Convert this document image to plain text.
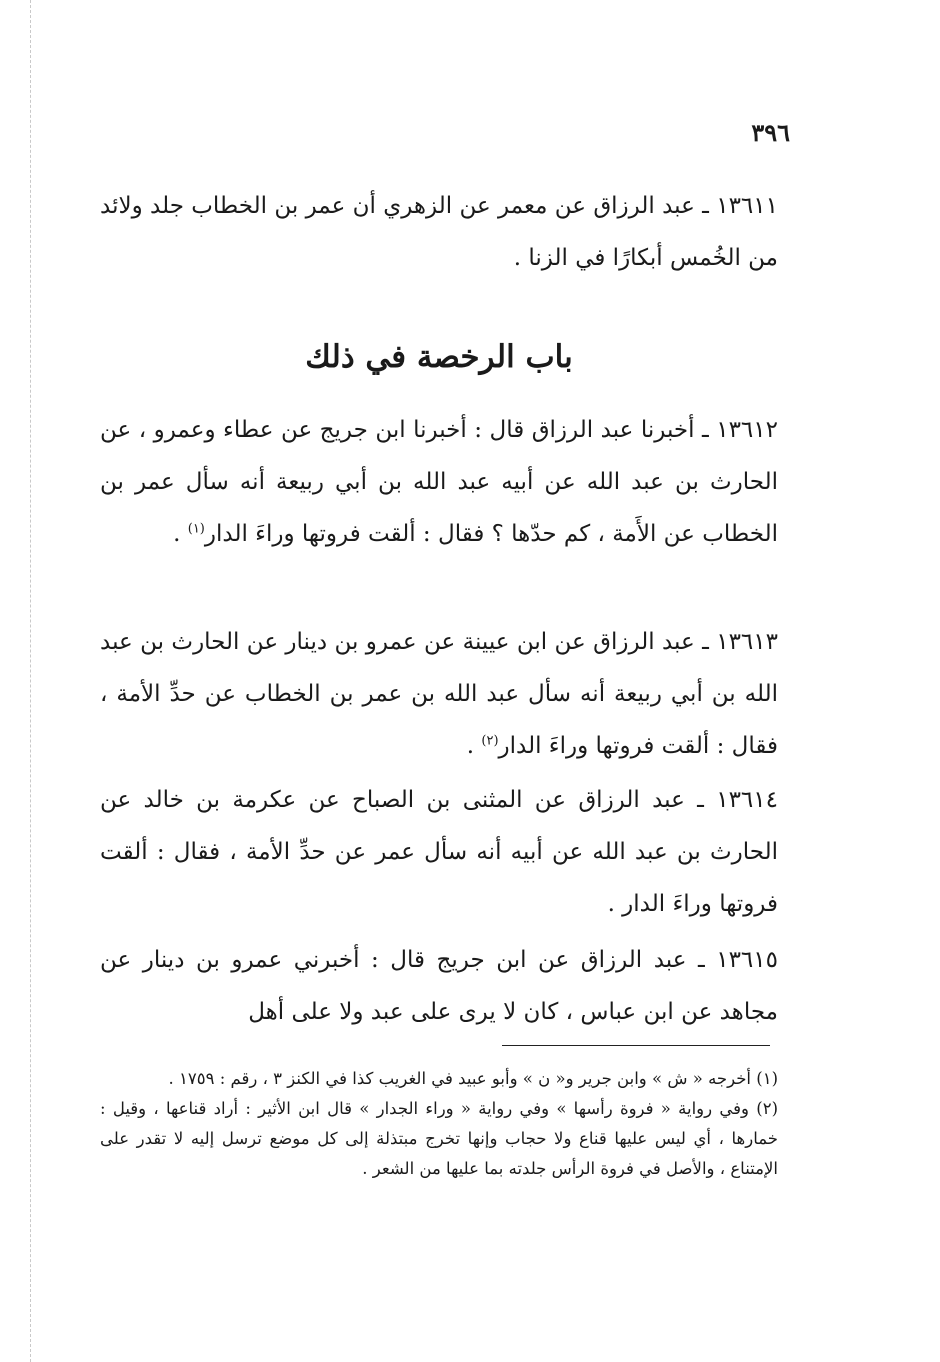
٣٩٦

١٣٦١١ ـ عبد الرزاق عن معمر عن الزهري أن عمر بن الخطاب جلد ولائد من الخُمس أبكارًا في الزنا .

باب الرخصة في ذلك

١٣٦١٢ ـ أخبرنا عبد الرزاق قال : أخبرنا ابن جريج عن عطاء وعمرو ، عن الحارث بن عبد الله عن أبيه عبد الله بن أبي ربيعة أنه سأل عمر بن الخطاب عن الأَمة ، كم حدّها ؟ فقال : ألقت فروتها وراءَ الدار$^{(١)}$ .

١٣٦١٣ ـ عبد الرزاق عن ابن عيينة عن عمرو بن دينار عن الحارث بن عبد الله بن أبي ربيعة أنه سأل عبد الله بن عمر بن الخطاب عن حدِّ الأمة ، فقال : ألقت فروتها وراءَ الدار$^{(٢)}$ .

١٣٦١٤ ـ عبد الرزاق عن المثنى بن الصباح عن عكرمة بن خالد عن الحارث بن عبد الله عن أبيه أنه سأل عمر عن حدِّ الأمة ، فقال : ألقت فروتها وراءَ الدار .

١٣٦١٥ ـ عبد الرزاق عن ابن جريج قال : أخبرني عمرو بن دينار عن مجاهد عن ابن عباس ، كان لا يرى على عبد ولا على أهل

(١) أخرجه « ش » وابن جرير و« ن » وأبو عبيد في الغريب كذا في الكنز ٣ ، رقم : ١٧٥٩ .

(٢) وفي رواية « فروة رأسها » وفي رواية « وراء الجدار » قال ابن الأثير : أراد قناعها ، وقيل : خمارها ، أي ليس عليها قناع ولا حجاب وإنها تخرج مبتذلة إلى كل موضع ترسل إليه لا تقدر على الإمتناع ، والأصل في فروة الرأس جلدته بما عليها من الشعر .
